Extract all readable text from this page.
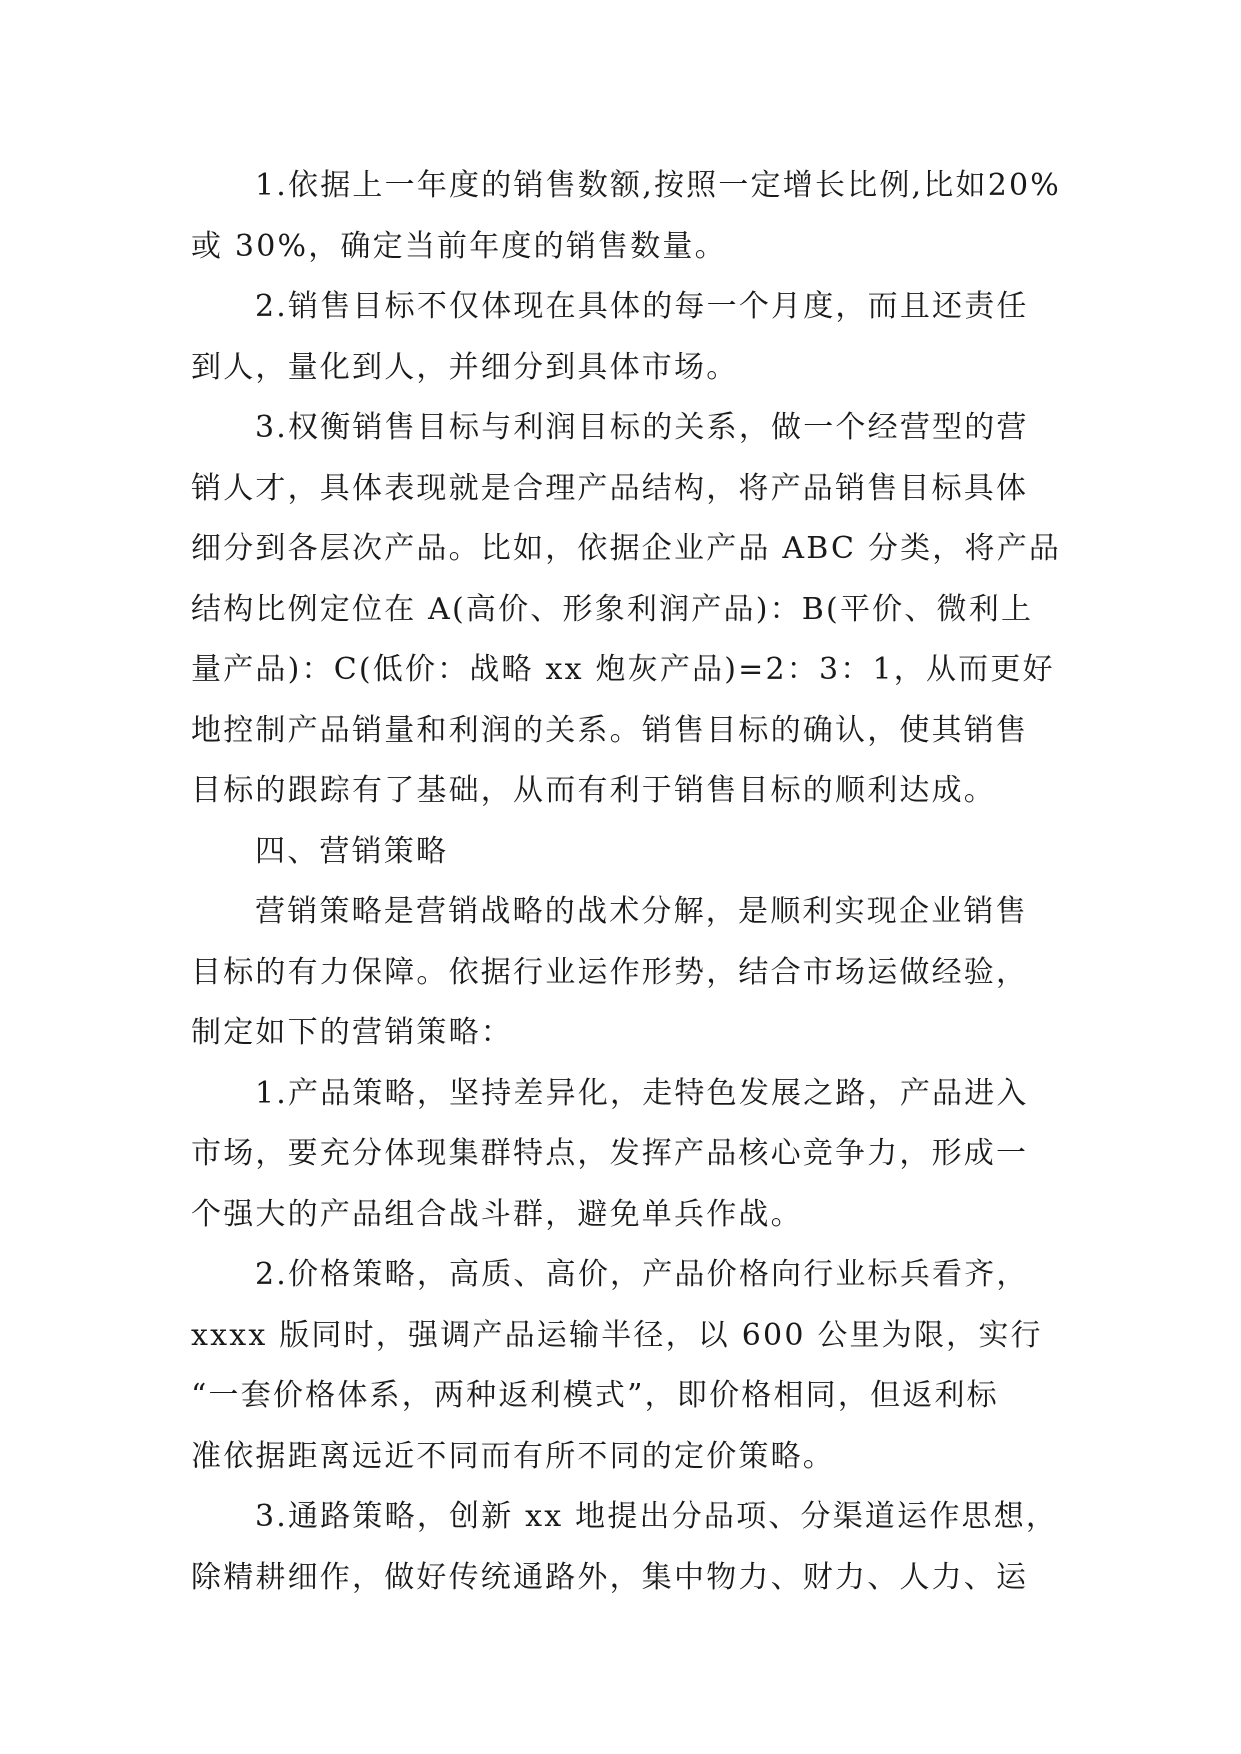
1.依据上一年度的销售数额,按照一定增长比例,比如20%
或 30%，确定当前年度的销售数量。
2.销售目标不仅体现在具体的每一个月度，而且还责任
到人，量化到人，并细分到具体市场。
3.权衡销售目标与利润目标的关系，做一个经营型的营
销人才，具体表现就是合理产品结构，将产品销售目标具体
细分到各层次产品。比如，依据企业产品 ABC 分类，将产品
结构比例定位在 A(高价、形象利润产品)：B(平价、微利上
量产品)：C(低价：战略 xx 炮灰产品)=2：3：1，从而更好
地控制产品销量和利润的关系。销售目标的确认，使其销售
目标的跟踪有了基础，从而有利于销售目标的顺利达成。
四、营销策略
营销策略是营销战略的战术分解，是顺利实现企业销售
目标的有力保障。依据行业运作形势，结合市场运做经验，
制定如下的营销策略：
1.产品策略，坚持差异化，走特色发展之路，产品进入
市场，要充分体现集群特点，发挥产品核心竞争力，形成一
个强大的产品组合战斗群，避免单兵作战。
2.价格策略，高质、高价，产品价格向行业标兵看齐，
xxxx 版同时，强调产品运输半径，以 600 公里为限，实行
“一套价格体系，两种返利模式”，即价格相同，但返利标
准依据距离远近不同而有所不同的定价策略。
3.通路策略，创新 xx 地提出分品项、分渠道运作思想，
除精耕细作，做好传统通路外，集中物力、财力、人力、运
